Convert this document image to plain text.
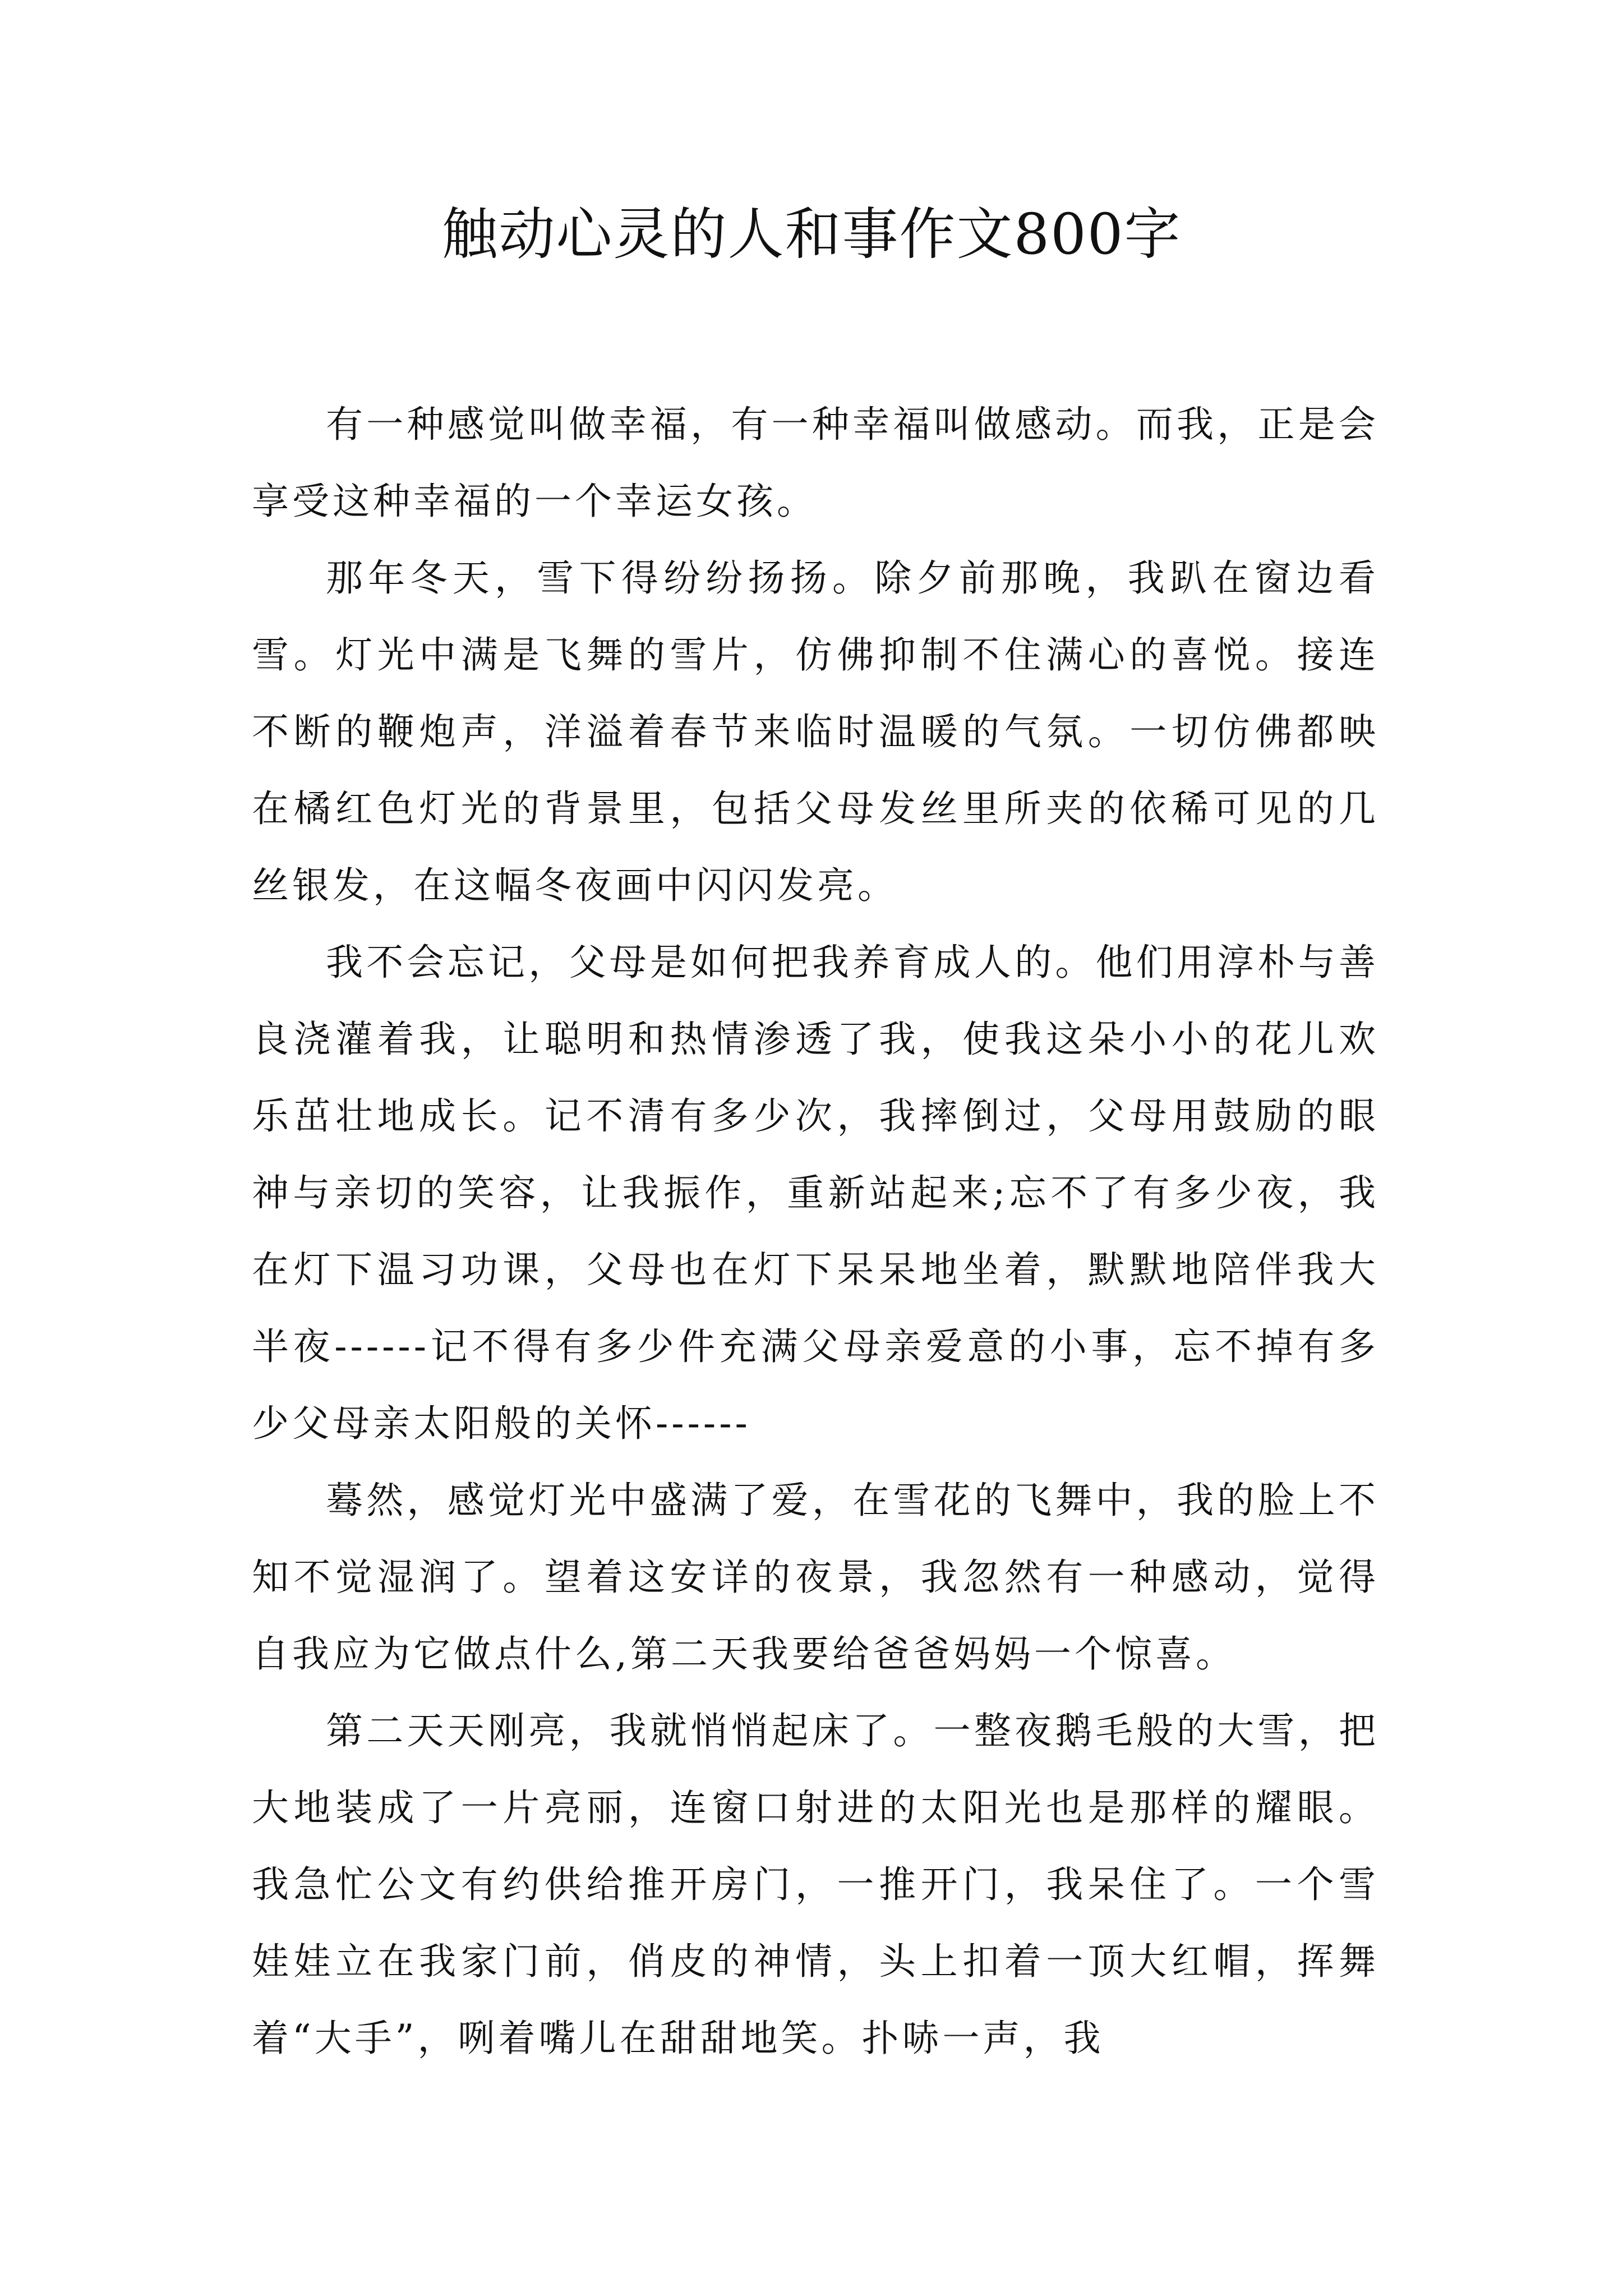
触动心灵的人和事作文800字

有一种感觉叫做幸福，有一种幸福叫做感动。而我，正是会享受这种幸福的一个幸运女孩。

那年冬天，雪下得纷纷扬扬。除夕前那晚，我趴在窗边看雪。灯光中满是飞舞的雪片，仿佛抑制不住满心的喜悦。接连不断的鞭炮声，洋溢着春节来临时温暖的气氛。一切仿佛都映在橘红色灯光的背景里，包括父母发丝里所夹的依稀可见的几丝银发，在这幅冬夜画中闪闪发亮。

我不会忘记，父母是如何把我养育成人的。他们用淳朴与善良浇灌着我，让聪明和热情渗透了我，使我这朵小小的花儿欢乐茁壮地成长。记不清有多少次，我摔倒过，父母用鼓励的眼神与亲切的笑容，让我振作，重新站起来;忘不了有多少夜，我在灯下温习功课，父母也在灯下呆呆地坐着，默默地陪伴我大半夜------记不得有多少件充满父母亲爱意的小事，忘不掉有多少父母亲太阳般的关怀------

蓦然，感觉灯光中盛满了爱，在雪花的飞舞中，我的脸上不知不觉湿润了。望着这安详的夜景，我忽然有一种感动，觉得自我应为它做点什么,第二天我要给爸爸妈妈一个惊喜。

第二天天刚亮，我就悄悄起床了。一整夜鹅毛般的大雪，把大地装成了一片亮丽，连窗口射进的太阳光也是那样的耀眼。我急忙公文有约供给推开房门，一推开门，我呆住了。一个雪娃娃立在我家门前，俏皮的神情，头上扣着一顶大红帽，挥舞着“大手”，咧着嘴儿在甜甜地笑。扑哧一声，我
